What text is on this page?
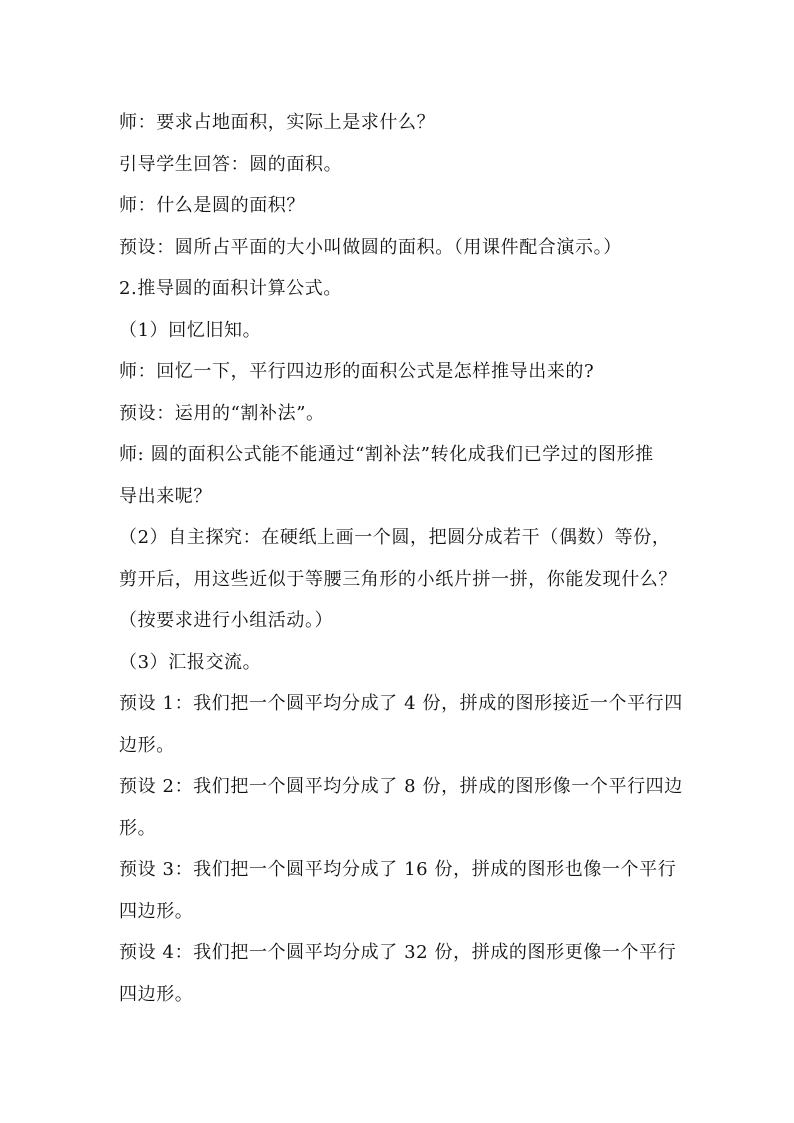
师：要求占地面积，实际上是求什么？
引导学生回答：圆的面积。
师：什么是圆的面积？
预设：圆所占平面的大小叫做圆的面积。（用课件配合演示。）
2.推导圆的面积计算公式。
（1）回忆旧知。
师：回忆一下，平行四边形的面积公式是怎样推导出来的?
预设：运用的“割补法”。
师: 圆的面积公式能不能通过“割补法”转化成我们已学过的图形推
导出来呢？
（2）自主探究：在硬纸上画一个圆，把圆分成若干（偶数）等份，
剪开后，用这些近似于等腰三角形的小纸片拼一拼，你能发现什么？
（按要求进行小组活动。）
（3）汇报交流。
预设 1：我们把一个圆平均分成了 4 份，拼成的图形接近一个平行四
边形。
预设 2：我们把一个圆平均分成了 8 份，拼成的图形像一个平行四边
形。
预设 3：我们把一个圆平均分成了 16 份，拼成的图形也像一个平行
四边形。
预设 4：我们把一个圆平均分成了 32 份，拼成的图形更像一个平行
四边形。
